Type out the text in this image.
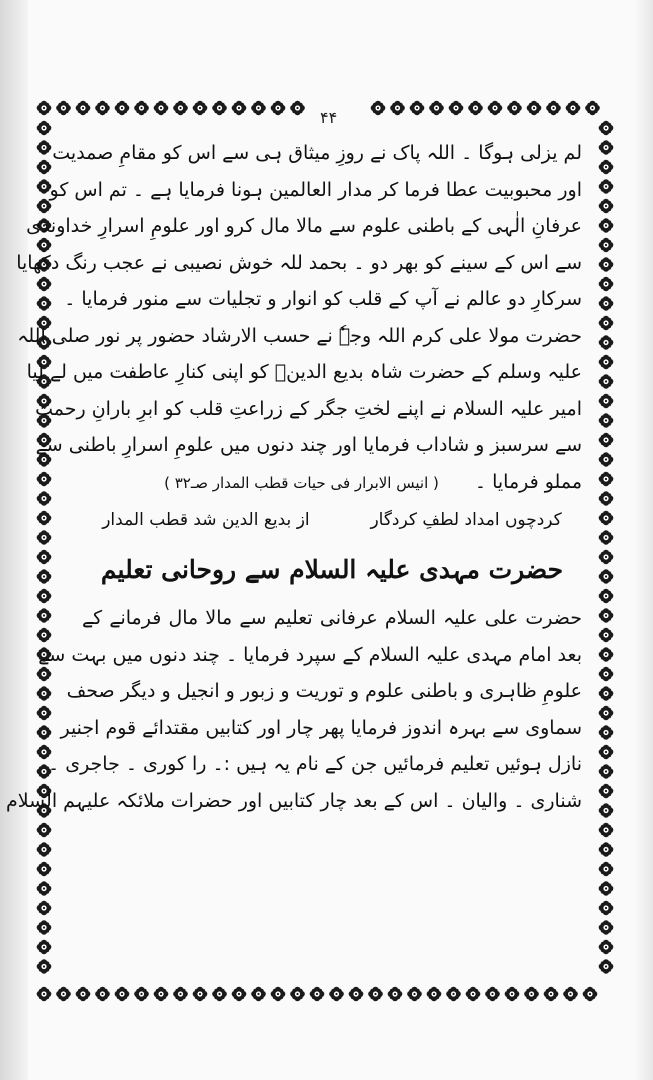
۴۴
لم یزلی ہوگا ۔ اللہ پاک نے روزِ میثاق ہی سے اس کو مقامِ صمدیت
اور محبوبیت عطا فرما کر مدار العالمین ہونا فرمایا ہے ۔ تم اس کو
عرفانِ الٰہی کے باطنی علوم سے مالا مال کرو اور علومِ اسرارِ خداوندی
سے اس کے سینے کو بھر دو ۔ بحمد للہ خوش نصیبی نے عجب رنگ دکھایا
سرکارِ دو عالم نے آپ کے قلب کو انوار و تجلیات سے منور فرمایا ۔
حضرت مولا علی کرم اللہ وجہٗ نے حسب الارشاد حضور پر نور صلی اللہ
علیہ وسلم کے حضرت شاہ بدیع الدینؒ کو اپنی کنارِ عاطفت میں لے لیا
امیر علیہ السلام نے اپنے لختِ جگر کے زراعتِ قلب کو ابرِ بارانِ رحمت
سے سرسبز و شاداب فرمایا اور چند دنوں میں علومِ اسرارِ باطنی سے
مملو فرمایا ۔ ( انیس الابرار فی حیات قطب المدار صـ۳۲ )
کردچوں امداد لطفِ کردگار  از بدیع الدین شد قطب المدار
حضرت مہدی علیہ السلام سے روحانی تعلیم
حضرت علی علیہ السلام عرفانی تعلیم سے مالا مال فرمانے کے
بعد امام مہدی علیہ السلام کے سپرد فرمایا ۔ چند دنوں میں بہت سے
علومِ ظاہری و باطنی علوم و توریت و زبور و انجیل و دیگر صحف
سماوی سے بہرہ اندوز فرمایا پھر چار اور کتابیں مقتدائے قوم اجنیر
نازل ہوئیں تعلیم فرمائیں جن کے نام یہ ہیں :۔ را کوری ۔ جاجری ۔
شناری ۔ والیان ۔ اس کے بعد چار کتابیں اور حضرات ملائکہ علیہم السلام
